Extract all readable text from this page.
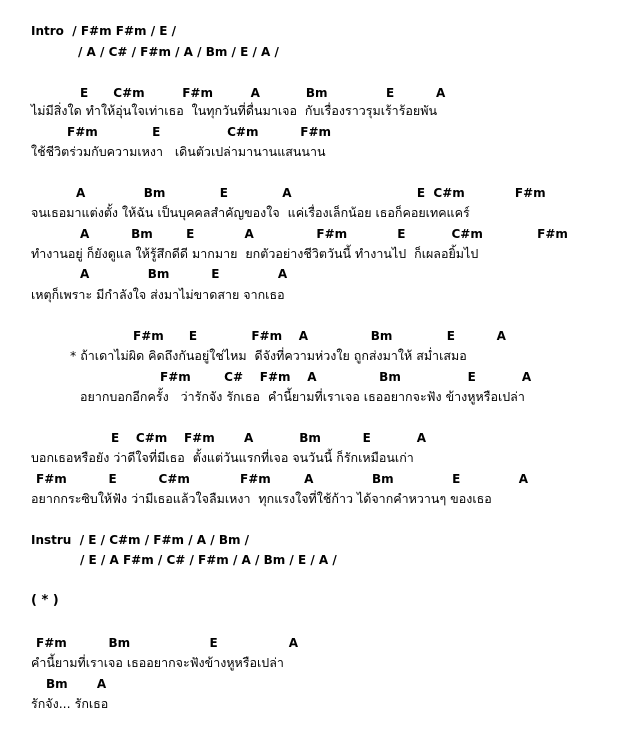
Intro  / F#m F#m / E /
/ A / C# / F#m / A / Bm / E / A /
E      C#m         F#m         A           Bm              E          A
ไม่มีสิ่งใด ทำให้อุ่นใจเท่าเธอ  ในทุกวันที่ดื่นมาเจอ  กับเรื่องราวรุมเร้าร้อยพัน
F#m             E                C#m          F#m
ใช้ชีวิตร่วมกับความเหงา   เดินตัวเปล่ามานานแสนนาน
A              Bm             E             A                              E  C#m            F#m
จนเธอมาแต่งตั้ง ให้ฉัน เป็นบุคคลสำคัญของใจ  แค่เรื่องเล็กน้อย เธอก็คอยเทคแคร์
A          Bm        E            A               F#m            E           C#m             F#m
ทำงานอยู่ ก็ยังดูแล ให้รู้สึกดีดี มากมาย  ยกตัวอย่างชีวิตวันนี้ ทำงานไป  ก็เผลอยิ้มไป
A              Bm          E              A
เหตุก็เพราะ มีกำลังใจ ส่งมาไม่ขาดสาย จากเธอ
F#m      E             F#m    A               Bm             E          A
* ถ้าเดาไม่ผิด คิดถึงกันอยู่ใช่ไหม  ดีจังที่ความห่วงใย ถูกส่งมาให้ สม่ำเสมอ
F#m        C#    F#m    A               Bm                E           A
อยากบอกอีกครั้ง   ว่ารักจัง รักเธอ  คำนี้ยามที่เราเจอ เธออยากจะฟัง ข้างหูหรือเปล่า
E    C#m    F#m       A           Bm          E           A
บอกเธอหรือยัง ว่าดีใจที่มีเธอ  ตั้งแต่วันแรกที่เจอ จนวันนี้ ก็รักเหมือนเก่า
F#m          E          C#m            F#m        A              Bm              E              A
อยากกระซิบให้ฟัง ว่ามีเธอแล้วใจลืมเหงา  ทุกแรงใจที่ใช้ก้าว ได้จากคำหวานๆ ของเธอ
Instru  / E / C#m / F#m / A / Bm /
/ E / A F#m / C# / F#m / A / Bm / E / A /
( * )
F#m          Bm                   E                 A
คำนี้ยามที่เราเจอ เธออยากจะฟังข้างหูหรือเปล่า
Bm       A
รักจัง... รักเธอ
